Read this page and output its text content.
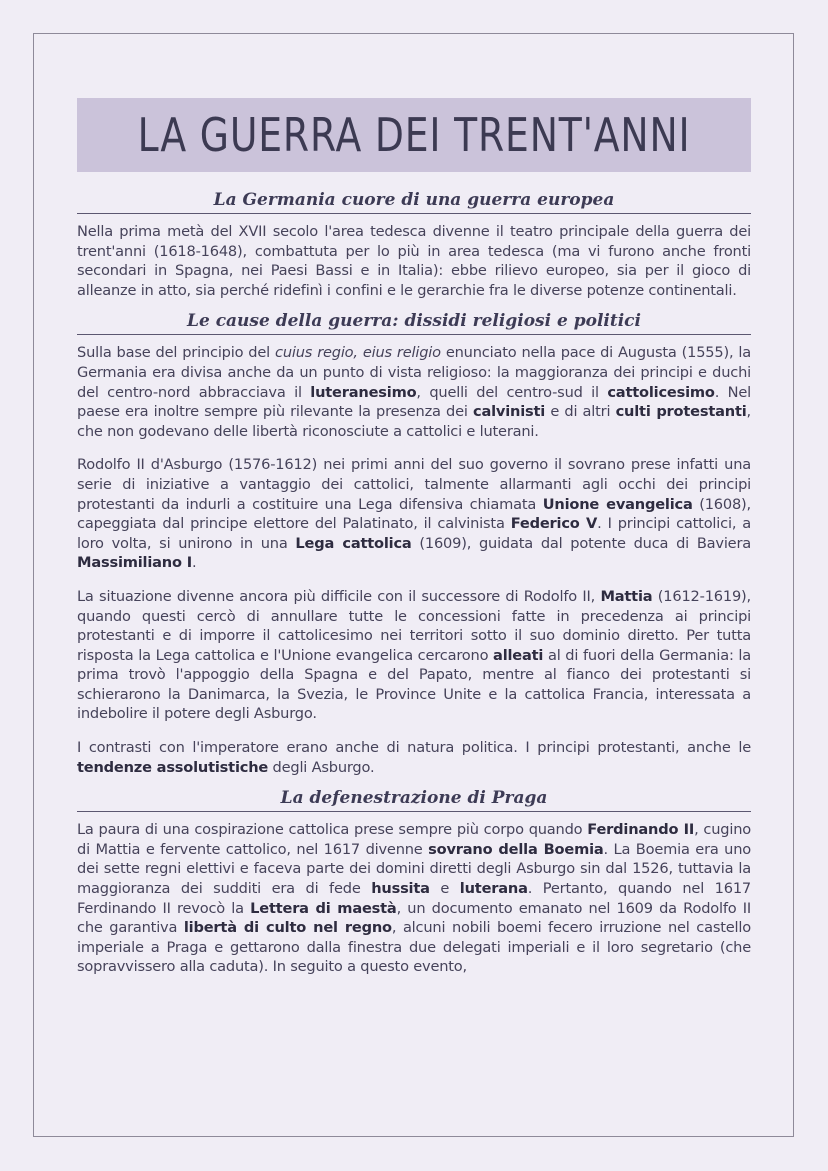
LA GUERRA DEI TRENT'ANNI
La Germania cuore di una guerra europea

Nella prima metà del XVII secolo l'area tedesca divenne il teatro principale della guerra dei trent'anni (1618-1648), combattuta per lo più in area tedesca (ma vi furono anche fronti secondari in Spagna, nei Paesi Bassi e in Italia): ebbe rilievo europeo, sia per il gioco di alleanze in atto, sia perché ridefinì i confini e le gerarchie fra le diverse potenze continentali.

Le cause della guerra: dissidi religiosi e politici

Sulla base del principio del cuius regio, eius religio enunciato nella pace di Augusta (1555), la Germania era divisa anche da un punto di vista religioso: la maggioranza dei principi e duchi del centro-nord abbracciava il luteranesimo, quelli del centro-sud il cattolicesimo. Nel paese era inoltre sempre più rilevante la presenza dei calvinisti e di altri culti protestanti, che non godevano delle libertà riconosciute a cattolici e luterani.

Rodolfo II d'Asburgo (1576-1612) nei primi anni del suo governo il sovrano prese infatti una serie di iniziative a vantaggio dei cattolici, talmente allarmanti agli occhi dei principi protestanti da indurli a costituire una Lega difensiva chiamata Unione evangelica (1608), capeggiata dal principe elettore del Palatinato, il calvinista Federico V. I principi cattolici, a loro volta, si unirono in una Lega cattolica (1609), guidata dal potente duca di Baviera Massimiliano I.

La situazione divenne ancora più difficile con il successore di Rodolfo II, Mattia (1612-1619), quando questi cercò di annullare tutte le concessioni fatte in precedenza ai principi protestanti e di imporre il cattolicesimo nei territori sotto il suo dominio diretto. Per tutta risposta la Lega cattolica e l'Unione evangelica cercarono alleati al di fuori della Germania: la prima trovò l'appoggio della Spagna e del Papato, mentre al fianco dei protestanti si schierarono la Danimarca, la Svezia, le Province Unite e la cattolica Francia, interessata a indebolire il potere degli Asburgo.

I contrasti con l'imperatore erano anche di natura politica. I principi protestanti, anche le tendenze assolutistiche degli Asburgo.

La defenestrazione di Praga

La paura di una cospirazione cattolica prese sempre più corpo quando Ferdinando II, cugino di Mattia e fervente cattolico, nel 1617 divenne sovrano della Boemia. La Boemia era uno dei sette regni elettivi e faceva parte dei domini diretti degli Asburgo sin dal 1526, tuttavia la maggioranza dei sudditi era di fede hussita e luterana. Pertanto, quando nel 1617 Ferdinando II revocò la Lettera di maestà, un documento emanato nel 1609 da Rodolfo II che garantiva libertà di culto nel regno, alcuni nobili boemi fecero irruzione nel castello imperiale a Praga e gettarono dalla finestra due delegati imperiali e il loro segretario (che sopravvissero alla caduta). In seguito a questo evento,
